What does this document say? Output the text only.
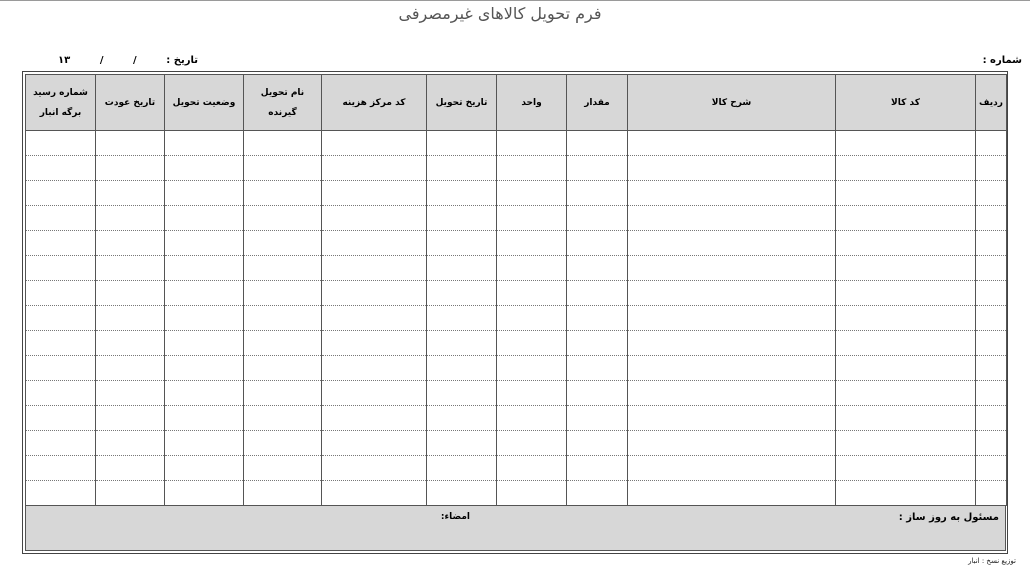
فرم تحویل کالاهای غیرمصرفی
شماره :
تاریخ :
/
/
۱۳
ردیف	کد کالا	شرح کالا	مقدار	واحد	تاریخ تحویل	کد مرکز هزینه	نام تحویل گیرنده	وضعیت تحویل	تاریخ عودت	شماره رسید برگه انبار

مسئول به روز ساز :
امضاء:
توزیع نسخ : انبار
